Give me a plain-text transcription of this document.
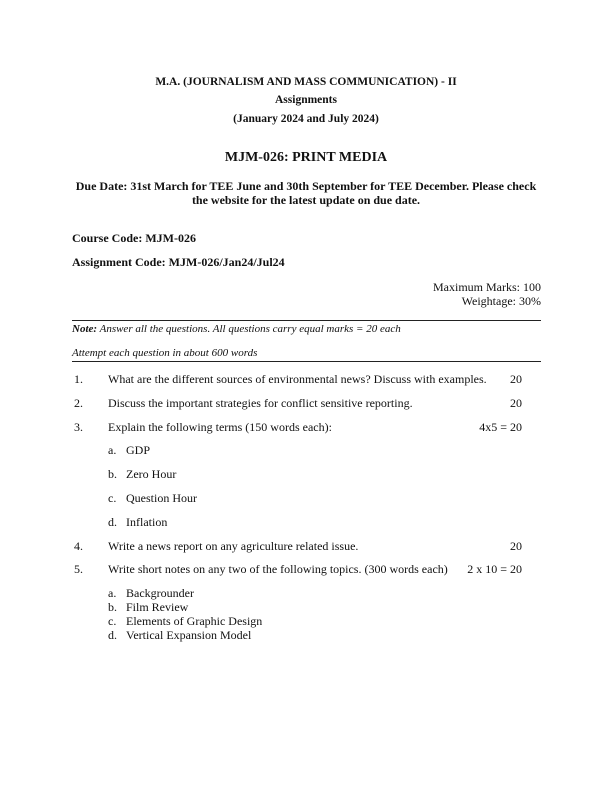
M.A. (JOURNALISM AND MASS COMMUNICATION) - II
Assignments
(January 2024 and July 2024)
MJM-026: PRINT MEDIA
Due Date: 31st March for TEE June and 30th September for TEE December. Please check
the website for the latest update on due date.
Course Code: MJM-026
Assignment Code: MJM-026/Jan24/Jul24
Maximum Marks: 100
Weightage: 30%
Note: Answer all the questions. All questions carry equal marks = 20 each
Attempt each question in about 600 words
1. What are the different sources of environmental news? Discuss with examples. 20
2. Discuss the important strategies for conflict sensitive reporting.	20
3. Explain the following terms (150 words each):	4x5 = 20
a. GDP
b. Zero Hour
c. Question Hour
d. Inflation
4. Write a news report on any agriculture related issue.	20
5. Write short notes on any two of the following topics. (300 words each) 2 x 10 = 20
a. Backgrounder
b. Film Review
c. Elements of Graphic Design
d. Vertical Expansion Model
